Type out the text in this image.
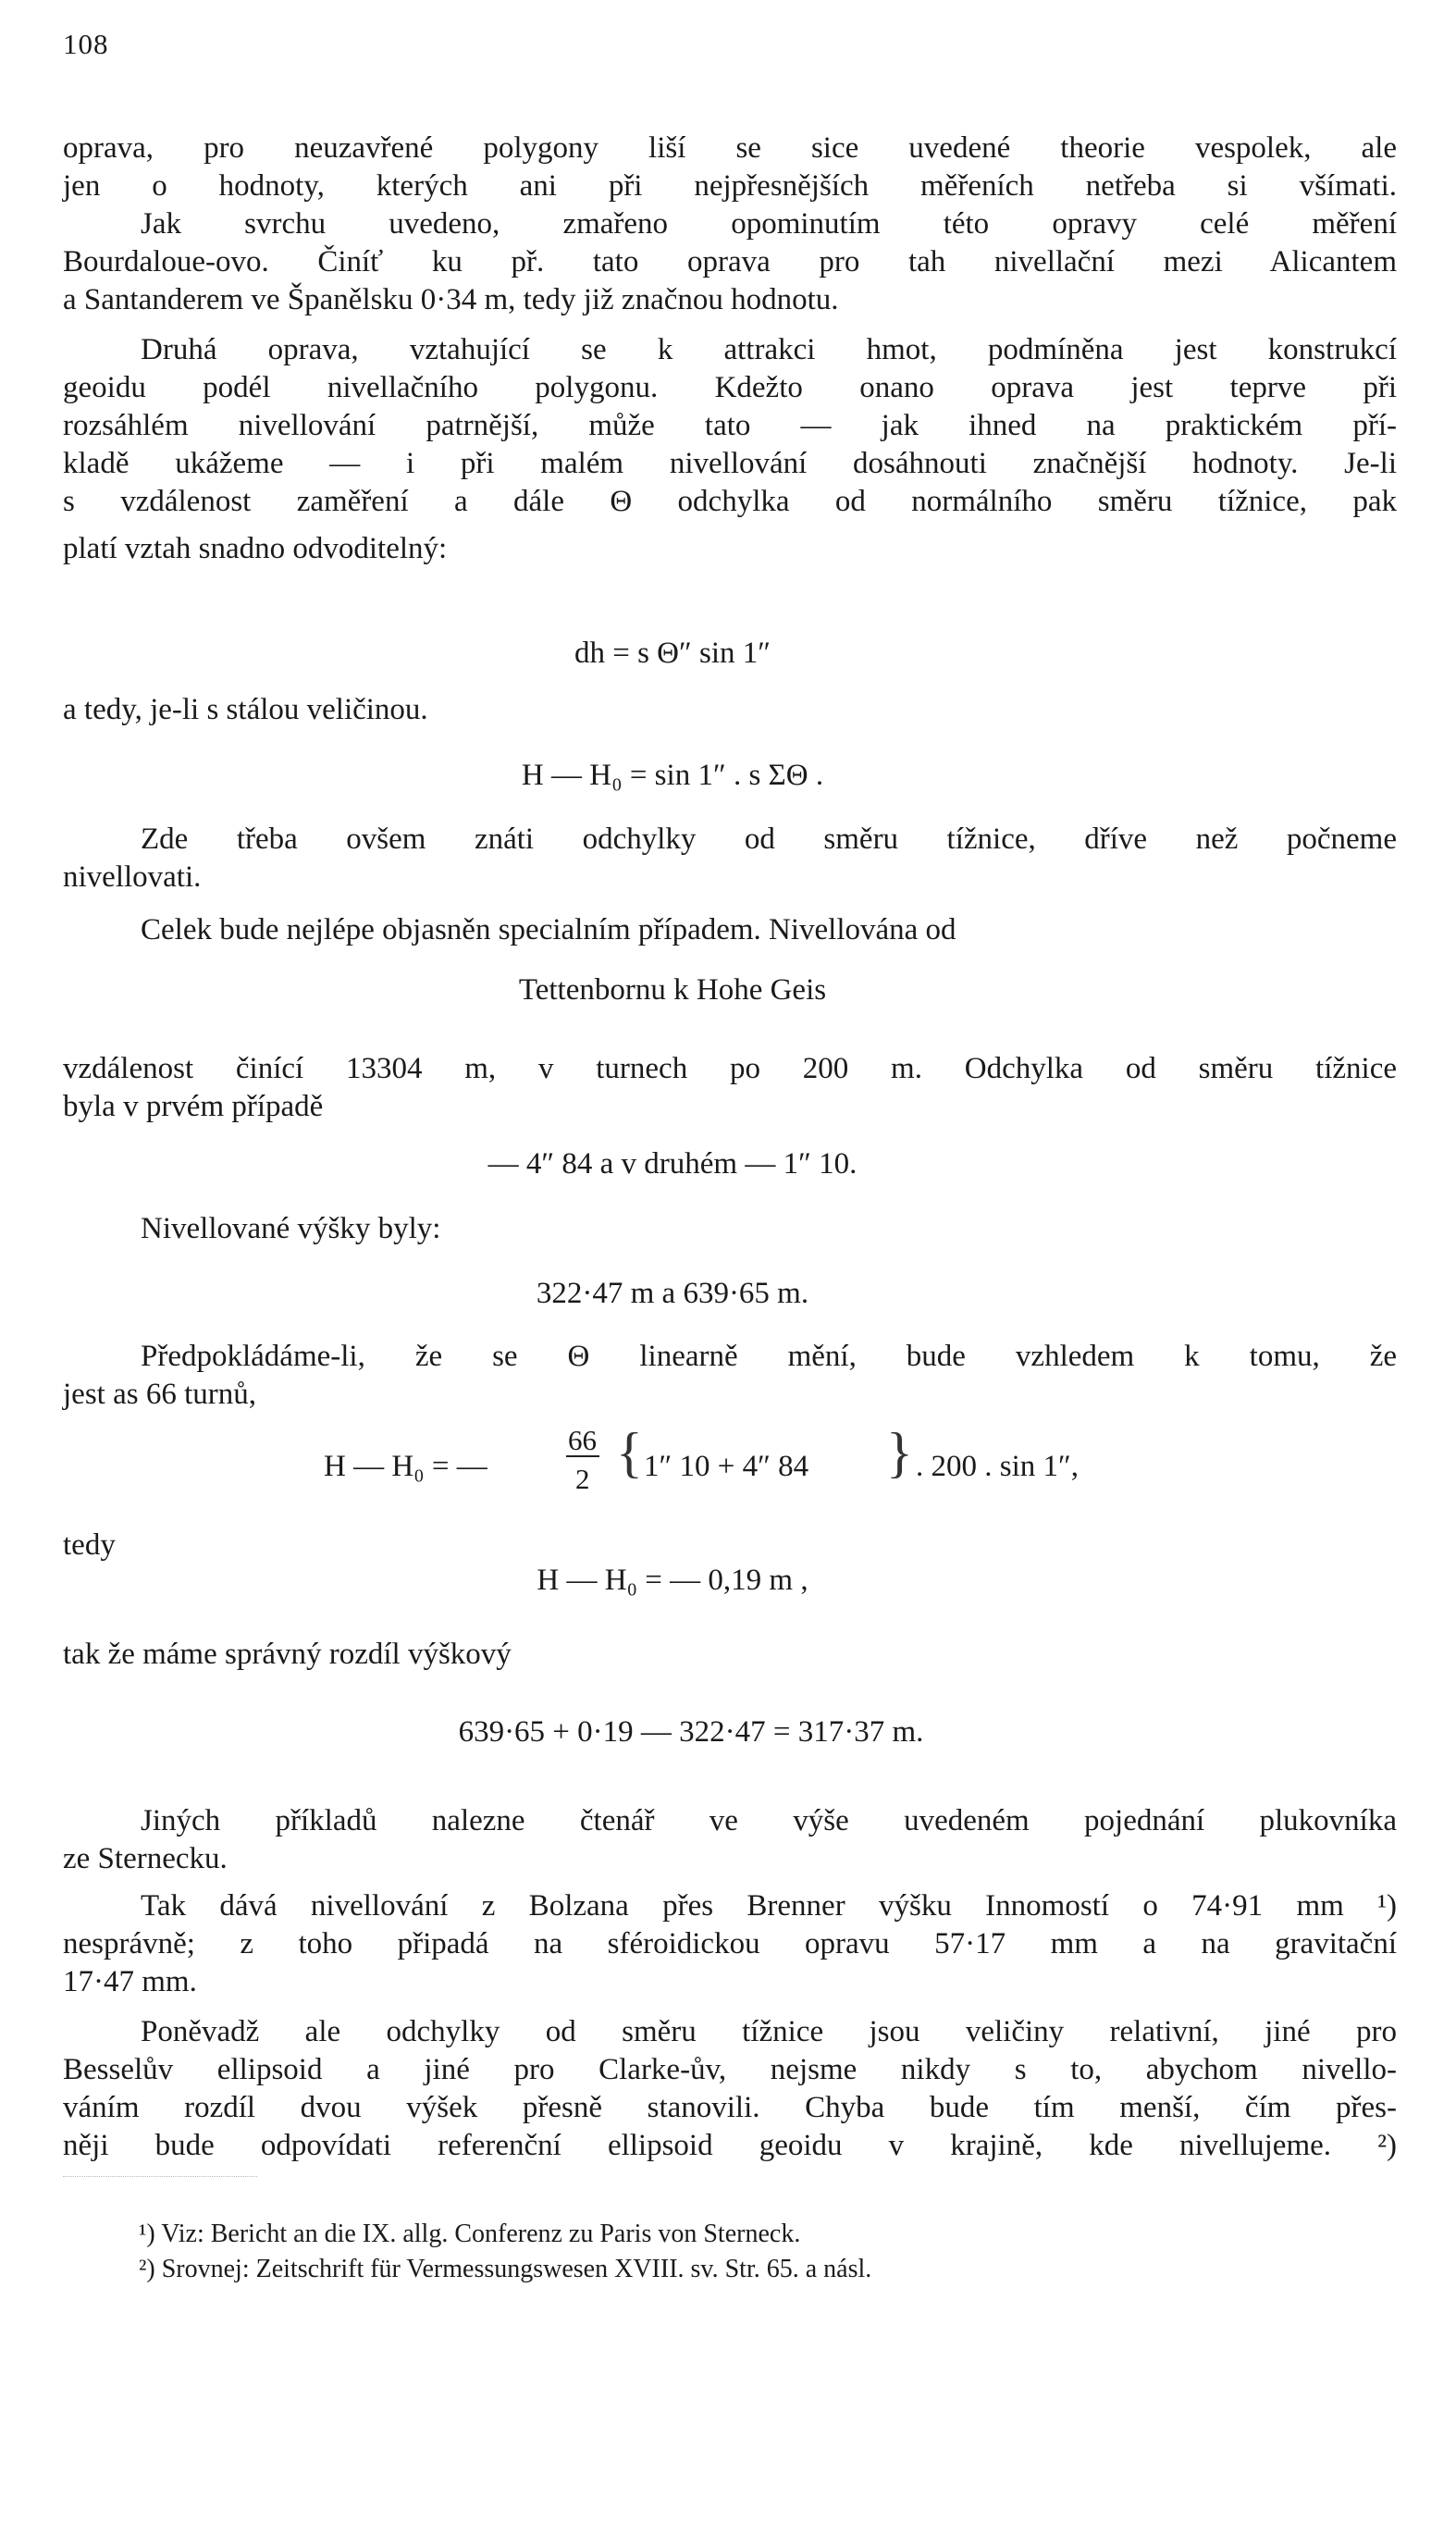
108
oprava, pro neuzavřené polygony liší se sice uvedené theorie vespolek, ale
jen o hodnoty, kterých ani při nejpřesnějších měřeních netřeba si všímati.
Jak svrchu uvedeno, zmařeno opominutím této opravy celé měření
Bourdaloue-ovo. Činíť ku př. tato oprava pro tah nivellační mezi Alicantem
a Santanderem ve Španělsku 0·34 m, tedy již značnou hodnotu.
Druhá oprava, vztahující se k attrakci hmot, podmíněna jest konstrukcí
geoidu podél nivellačního polygonu. Kdežto onano oprava jest teprve při
rozsáhlém nivellování patrnější, může tato — jak ihned na praktickém pří-
kladě ukážeme — i při malém nivellování dosáhnouti značnější hodnoty. Je-li
s vzdálenost zaměření a dále Θ odchylka od normálního směru tížnice, pak
platí vztah snadno odvoditelný:
dh = s Θ″ sin 1″
a tedy, je-li s stálou veličinou.
H — H₀ = sin 1″ . s ΣΘ .
Zde třeba ovšem znáti odchylky od směru tížnice, dříve než počneme
nivellovati.
Celek bude nejlépe objasněn specialním případem. Nivellována od
Tettenbornu k Hohe Geis
vzdálenost činící 13304 m, v turnech po 200 m. Odchylka od směru tížnice
byla v prvém případě
— 4″ 84 a v druhém — 1″ 10.
Nivellované výšky byly:
322·47 m a 639·65 m.
Předpokládáme-li, že se Θ linearně mění, bude vzhledem k tomu, že
jest as 66 turnů,
H — H₀ = —
66
2 { 1″ 10 + 4″ 84 } . 200 . sin 1″,
tedy
H — H₀ = — 0,19 m ,
tak že máme správný rozdíl výškový
639·65 + 0·19 — 322·47 = 317·37 m.
Jiných příkladů nalezne čtenář ve výše uvedeném pojednání plukovníka
ze Sternecku.
Tak dává nivellování z Bolzana přes Brenner výšku Innomostí o 74·91 mm ¹)
nesprávně; z toho připadá na sféroidickou opravu 57·17 mm a na gravitační
17·47 mm.
Poněvadž ale odchylky od směru tížnice jsou veličiny relativní, jiné pro
Besselův ellipsoid a jiné pro Clarke-ův, nejsme nikdy s to, abychom nivello-
váním rozdíl dvou výšek přesně stanovili. Chyba bude tím menší, čím přes-
něji bude odpovídati referenční ellipsoid geoidu v krajině, kde nivellujeme. ²)
¹) Viz: Bericht an die IX. allg. Conferenz zu Paris von Sterneck.
²) Srovnej: Zeitschrift für Vermessungswesen XVIII. sv. Str. 65. a násl.
